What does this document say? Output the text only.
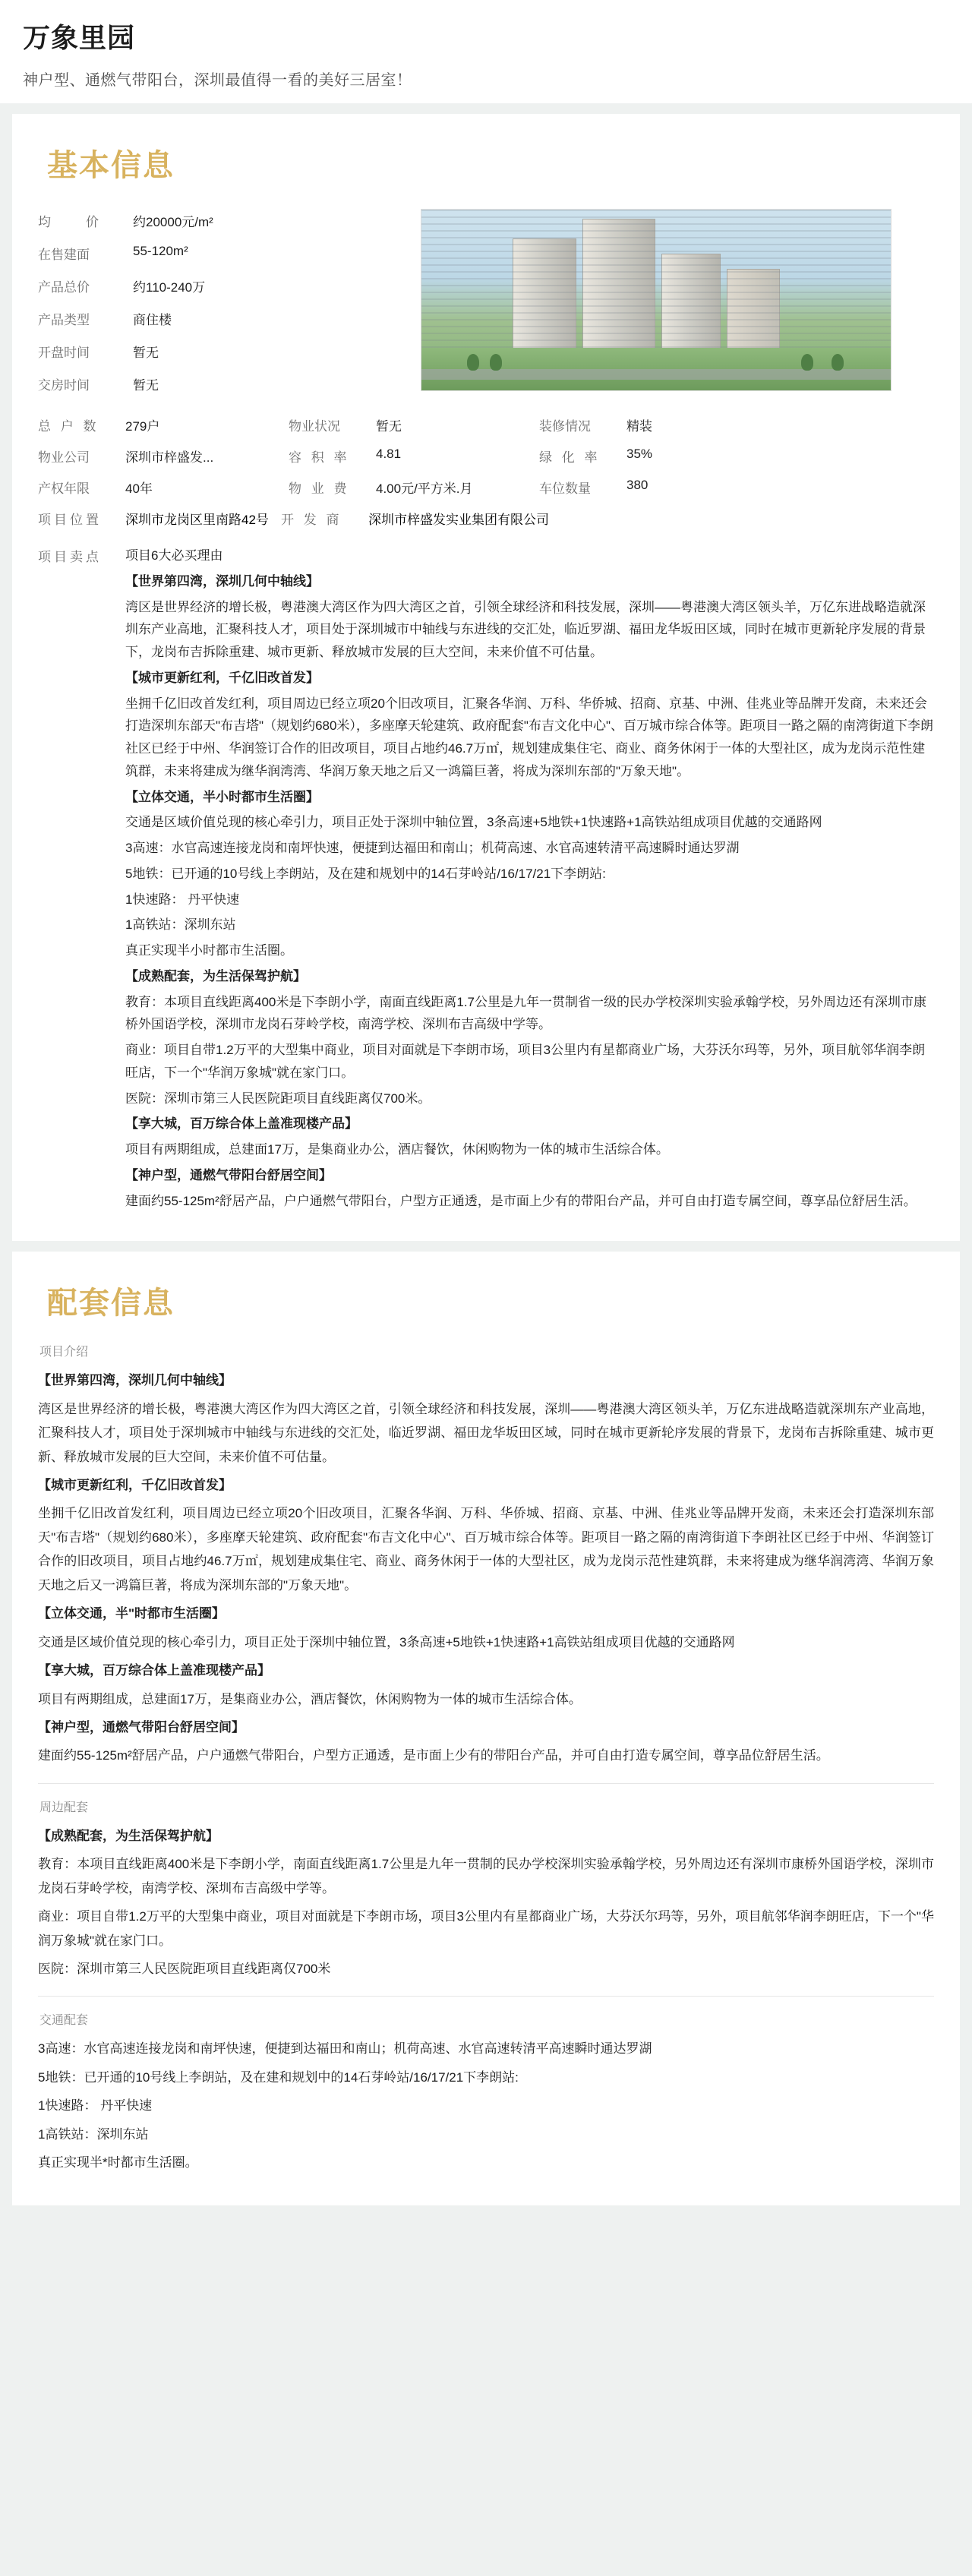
万象里园
神户型、通燃气带阳台，深圳最值得一看的美好三居室！
基本信息
均　　价	约20000元/m²
在售建面	55-120m²
产品总价	约110-240万
产品类型	商住楼
开盘时间	暂无
交房时间	暂无
总 户 数	279户	物业状况	暂无	装修情况	精装
物业公司	深圳市梓盛发...	容 积 率	4.81	绿 化 率	35%
产权年限	40年	物 业 费	4.00元/平方米.月	车位数量	380
项目位置	深圳市龙岗区里南路42号 开 发 商	深圳市梓盛发实业集团有限公司
项目卖点	项目6大必买理由

【世界第四湾，深圳几何中轴线】

湾区是世界经济的增长极，粤港澳大湾区作为四大湾区之首，引领全球经济和科技发展，深圳——粤港澳大湾区领头羊，万亿东进战略造就深圳东产业高地，汇聚科技人才，项目处于深圳城市中轴线与东进线的交汇处，临近罗湖、福田龙华坂田区域，同时在城市更新轮序发展的背景下，龙岗布吉拆除重建、城市更新、释放城市发展的巨大空间，未来价值不可估量。

【城市更新红利，千亿旧改首发】

坐拥千亿旧改首发红利，项目周边已经立项20个旧改项目，汇聚各华润、万科、华侨城、招商、京基、中洲、佳兆业等品牌开发商，未来还会打造深圳东部天"布吉塔"（规划约680米），多座摩天轮建筑、政府配套"布吉文化中心"、百万城市综合体等。距项目一路之隔的南湾街道下李朗社区已经于中州、华润签订合作的旧改项目，项目占地约46.7万㎡，规划建成集住宅、商业、商务休闲于一体的大型社区，成为龙岗示范性建筑群，未来将建成为继华润湾湾、华润万象天地之后又一鸿篇巨著，将成为深圳东部的"万象天地"。

【立体交通，半小时都市生活圈】

交通是区域价值兑现的核心牵引力，项目正处于深圳中轴位置，3条高速+5地铁+1快速路+1高铁站组成项目优越的交通路网

3高速：水官高速连接龙岗和南坪快速，便捷到达福田和南山；机荷高速、水官高速转清平高速瞬时通达罗湖

5地铁：已开通的10号线上李朗站，及在建和规划中的14石芽岭站/16/17/21下李朗站:

1快速路： 丹平快速

1高铁站：深圳东站

真正实现半小时都市生活圈。

【成熟配套，为生活保驾护航】

教育：本项目直线距离400米是下李朗小学，南面直线距离1.7公里是九年一贯制省一级的民办学校深圳实验承翰学校，另外周边还有深圳市康桥外国语学校，深圳市龙岗石芽岭学校，南湾学校、深圳布吉高级中学等。

商业：项目自带1.2万平的大型集中商业，项目对面就是下李朗市场，项目3公里内有星都商业广场，大芬沃尔玛等，另外，项目航邻华润李朗旺店，下一个"华润万象城"就在家门口。

医院：深圳市第三人民医院距项目直线距离仅700米。

【享大城，百万综合体上盖准现楼产品】

项目有两期组成，总建面17万，是集商业办公，酒店餐饮，休闲购物为一体的城市生活综合体。

【神户型，通燃气带阳台舒居空间】

建面约55-125m²舒居产品，户户通燃气带阳台，户型方正通透，是市面上少有的带阳台产品，并可自由打造专属空间，尊享品位舒居生活。

配套信息
项目介绍

【世界第四湾，深圳几何中轴线】

湾区是世界经济的增长极，粤港澳大湾区作为四大湾区之首，引领全球经济和科技发展，深圳——粤港澳大湾区领头羊，万亿东进战略造就深圳东产业高地，汇聚科技人才，项目处于深圳城市中轴线与东进线的交汇处，临近罗湖、福田龙华坂田区域，同时在城市更新轮序发展的背景下，龙岗布吉拆除重建、城市更新、释放城市发展的巨大空间，未来价值不可估量。

【城市更新红利，千亿旧改首发】

坐拥千亿旧改首发红利，项目周边已经立项20个旧改项目，汇聚各华润、万科、华侨城、招商、京基、中洲、佳兆业等品牌开发商，未来还会打造深圳东部天"布吉塔"（规划约680米），多座摩天轮建筑、政府配套"布吉文化中心"、百万城市综合体等。距项目一路之隔的南湾街道下李朗社区已经于中州、华润签订合作的旧改项目，项目占地约46.7万㎡，规划建成集住宅、商业、商务休闲于一体的大型社区，成为龙岗示范性建筑群，未来将建成为继华润湾湾、华润万象天地之后又一鸿篇巨著，将成为深圳东部的"万象天地"。

【立体交通，半"时都市生活圈】

交通是区域价值兑现的核心牵引力，项目正处于深圳中轴位置，3条高速+5地铁+1快速路+1高铁站组成项目优越的交通路网

【享大城，百万综合体上盖准现楼产品】

项目有两期组成，总建面17万，是集商业办公，酒店餐饮，休闲购物为一体的城市生活综合体。

【神户型，通燃气带阳台舒居空间】

建面约55-125m²舒居产品，户户通燃气带阳台，户型方正通透，是市面上少有的带阳台产品，并可自由打造专属空间，尊享品位舒居生活。

周边配套

【成熟配套，为生活保驾护航】

教育：本项目直线距离400米是下李朗小学，南面直线距离1.7公里是九年一贯制的民办学校深圳实验承翰学校，另外周边还有深圳市康桥外国语学校，深圳市龙岗石芽岭学校，南湾学校、深圳布吉高级中学等。

商业：项目自带1.2万平的大型集中商业，项目对面就是下李朗市场，项目3公里内有星都商业广场，大芬沃尔玛等，另外，项目航邻华润李朗旺店，下一个"华润万象城"就在家门口。

医院：深圳市第三人民医院距项目直线距离仅700米

交通配套

3高速：水官高速连接龙岗和南坪快速，便捷到达福田和南山；机荷高速、水官高速转清平高速瞬时通达罗湖

5地铁：已开通的10号线上李朗站，及在建和规划中的14石芽岭站/16/17/21下李朗站:

1快速路： 丹平快速

1高铁站：深圳东站

真正实现半*时都市生活圈。
